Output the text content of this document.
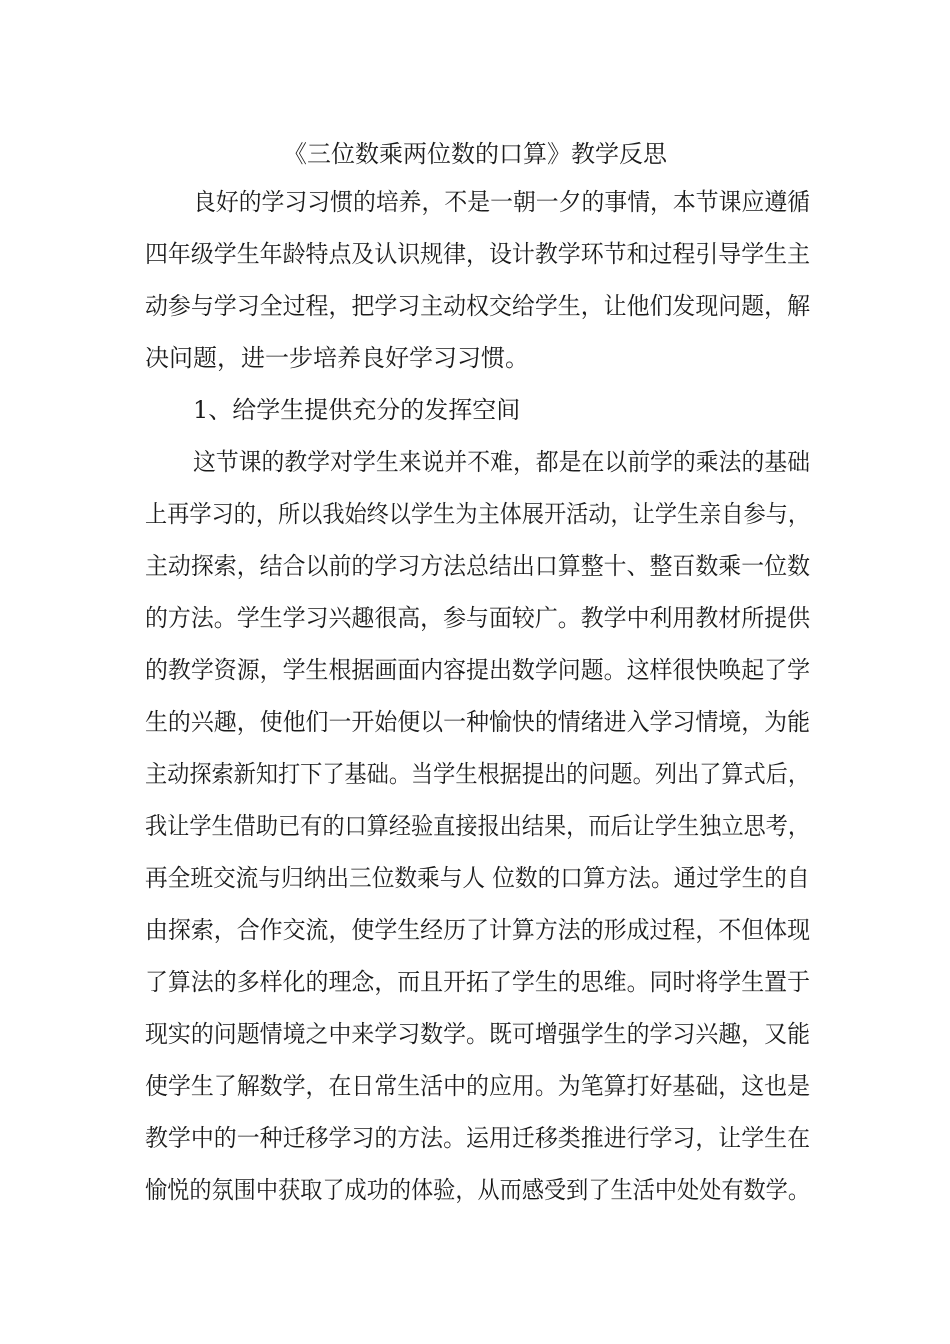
《三位数乘两位数的口算》教学反思

良好的学习习惯的培养，不是一朝一夕的事情，本节课应遵循

四年级学生年龄特点及认识规律，设计教学环节和过程引导学生主

动参与学习全过程，把学习主动权交给学生，让他们发现问题，解

决问题，进一步培养良好学习习惯。

1、给学生提供充分的发挥空间

这节课的教学对学生来说并不难，都是在以前学的乘法的基础

上再学习的，所以我始终以学生为主体展开活动，让学生亲自参与，

主动探索，结合以前的学习方法总结出口算整十、整百数乘一位数

的方法。学生学习兴趣很高，参与面较广。教学中利用教材所提供

的教学资源，学生根据画面内容提出数学问题。这样很快唤起了学

生的兴趣，使他们一开始便以一种愉快的情绪进入学习情境，为能

主动探索新知打下了基础。当学生根据提出的问题。列出了算式后，

我让学生借助已有的口算经验直接报出结果，而后让学生独立思考，

再全班交流与归纳出三位数乘与人 位数的口算方法。通过学生的自

由探索，合作交流，使学生经历了计算方法的形成过程，不但体现

了算法的多样化的理念，而且开拓了学生的思维。同时将学生置于

现实的问题情境之中来学习数学。既可增强学生的学习兴趣，又能

使学生了解数学，在日常生活中的应用。为笔算打好基础，这也是

教学中的一种迁移学习的方法。运用迁移类推进行学习，让学生在

愉悦的氛围中获取了成功的体验，从而感受到了生活中处处有数学。
